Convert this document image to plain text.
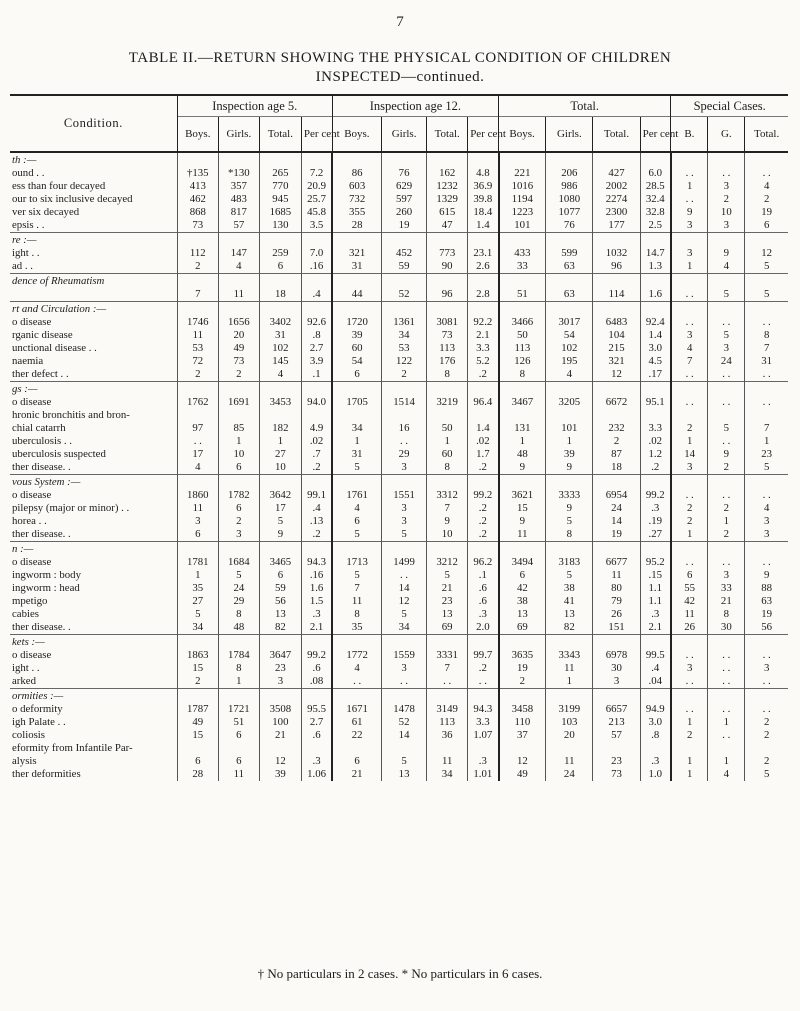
7
TABLE II.—RETURN SHOWING THE PHYSICAL CONDITION OF CHILDREN
INSPECTED—continued.
Condition.	Inspection age 5.				Inspection age 12.				Total.				Special Cases.		
	Boys.	Girls.	Total.	Per cent	Boys.	Girls.	Total.	Per cent	Boys.	Girls.	Total.	Per cent	B.	G.	Total.
th :—															
ound . .	†135	*130	265	7.2	86	76	162	4.8	221	206	427	6.0	. .	. .	. .
ess than four decayed	413	357	770	20.9	603	629	1232	36.9	1016	986	2002	28.5	1	3	4
our to six inclusive decayed	462	483	945	25.7	732	597	1329	39.8	1194	1080	2274	32.4	. .	2	2
ver six decayed	868	817	1685	45.8	355	260	615	18.4	1223	1077	2300	32.8	9	10	19
epsis . .	73	57	130	3.5	28	19	47	1.4	101	76	177	2.5	3	3	6
re :—															
ight . .	112	147	259	7.0	321	452	773	23.1	433	599	1032	14.7	3	9	12
ad . .	2	4	6	.16	31	59	90	2.6	33	63	96	1.3	1	4	5
dence of Rheumatism															
	7	11	18	.4	44	52	96	2.8	51	63	114	1.6	. .	5	5
rt and Circulation :—															
o disease	1746	1656	3402	92.6	1720	1361	3081	92.2	3466	3017	6483	92.4	. .	. .	. .
rganic disease	11	20	31	.8	39	34	73	2.1	50	54	104	1.4	3	5	8
unctional disease . .	53	49	102	2.7	60	53	113	3.3	113	102	215	3.0	4	3	7
naemia	72	73	145	3.9	54	122	176	5.2	126	195	321	4.5	7	24	31
ther defect . .	2	2	4	.1	6	2	8	.2	8	4	12	.17	. .	. .	. .
gs :—															
o disease	1762	1691	3453	94.0	1705	1514	3219	96.4	3467	3205	6672	95.1	. .	. .	. .
hronic bronchitis and bron-															
chial catarrh	97	85	182	4.9	34	16	50	1.4	131	101	232	3.3	2	5	7
uberculosis . .	. .	1	1	.02	1	. .	1	.02	1	1	2	.02	1	. .	1
uberculosis suspected	17	10	27	.7	31	29	60	1.7	48	39	87	1.2	14	9	23
ther disease. .	4	6	10	.2	5	3	8	.2	9	9	18	.2	3	2	5
vous System :—															
o disease	1860	1782	3642	99.1	1761	1551	3312	99.2	3621	3333	6954	99.2	. .	. .	. .
pilepsy (major or minor) . .	11	6	17	.4	4	3	7	.2	15	9	24	.3	2	2	4
horea . .	3	2	5	.13	6	3	9	.2	9	5	14	.19	2	1	3
ther disease. .	6	3	9	.2	5	5	10	.2	11	8	19	.27	1	2	3
n :—															
o disease	1781	1684	3465	94.3	1713	1499	3212	96.2	3494	3183	6677	95.2	. .	. .	. .
ingworm : body	1	5	6	.16	5	. .	5	.1	6	5	11	.15	6	3	9
ingworm : head	35	24	59	1.6	7	14	21	.6	42	38	80	1.1	55	33	88
mpetigo	27	29	56	1.5	11	12	23	.6	38	41	79	1.1	42	21	63
cabies	5	8	13	.3	8	5	13	.3	13	13	26	.3	11	8	19
ther disease. .	34	48	82	2.1	35	34	69	2.0	69	82	151	2.1	26	30	56
kets :—															
o disease	1863	1784	3647	99.2	1772	1559	3331	99.7	3635	3343	6978	99.5	. .	. .	. .
ight . .	15	8	23	.6	4	3	7	.2	19	11	30	.4	3	. .	3
arked	2	1	3	.08	. .	. .	. .	. .	2	1	3	.04	. .	. .	. .
ormities :—															
o deformity	1787	1721	3508	95.5	1671	1478	3149	94.3	3458	3199	6657	94.9	. .	. .	. .
igh Palate . .	49	51	100	2.7	61	52	113	3.3	110	103	213	3.0	1	1	2
coliosis	15	6	21	.6	22	14	36	1.07	37	20	57	.8	2	. .	2
eformity from Infantile Par-															
alysis	6	6	12	.3	6	5	11	.3	12	11	23	.3	1	1	2
ther deformities	28	11	39	1.06	21	13	34	1.01	49	24	73	1.0	1	4	5
† No particulars in 2 cases. * No particulars in 6 cases.
